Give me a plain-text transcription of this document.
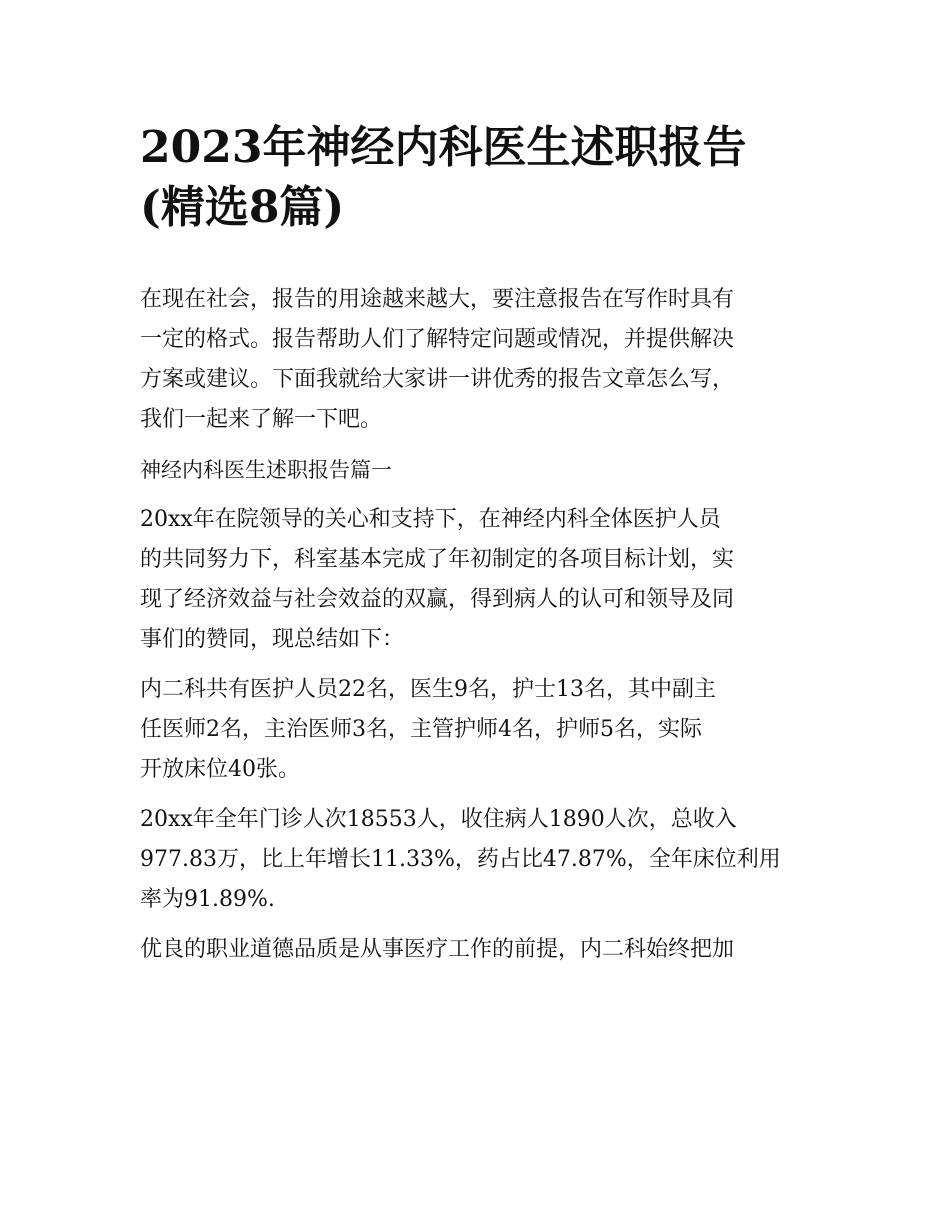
2023年神经内科医生述职报告
(精选8篇)

在现在社会，报告的用途越来越大，要注意报告在写作时具有
一定的格式。报告帮助人们了解特定问题或情况，并提供解决
方案或建议。下面我就给大家讲一讲优秀的报告文章怎么写，
我们一起来了解一下吧。

神经内科医生述职报告篇一

20xx年在院领导的关心和支持下，在神经内科全体医护人员
的共同努力下，科室基本完成了年初制定的各项目标计划，实
现了经济效益与社会效益的双赢，得到病人的认可和领导及同
事们的赞同，现总结如下：

内二科共有医护人员22名，医生9名，护士13名，其中副主
任医师2名，主治医师3名，主管护师4名，护师5名，实际
开放床位40张。

20xx年全年门诊人次18553人，收住病人1890人次，总收入
977.83万，比上年增长11.33%，药占比47.87%，全年床位利用
率为91.89%.

优良的职业道德品质是从事医疗工作的前提，内二科始终把加
